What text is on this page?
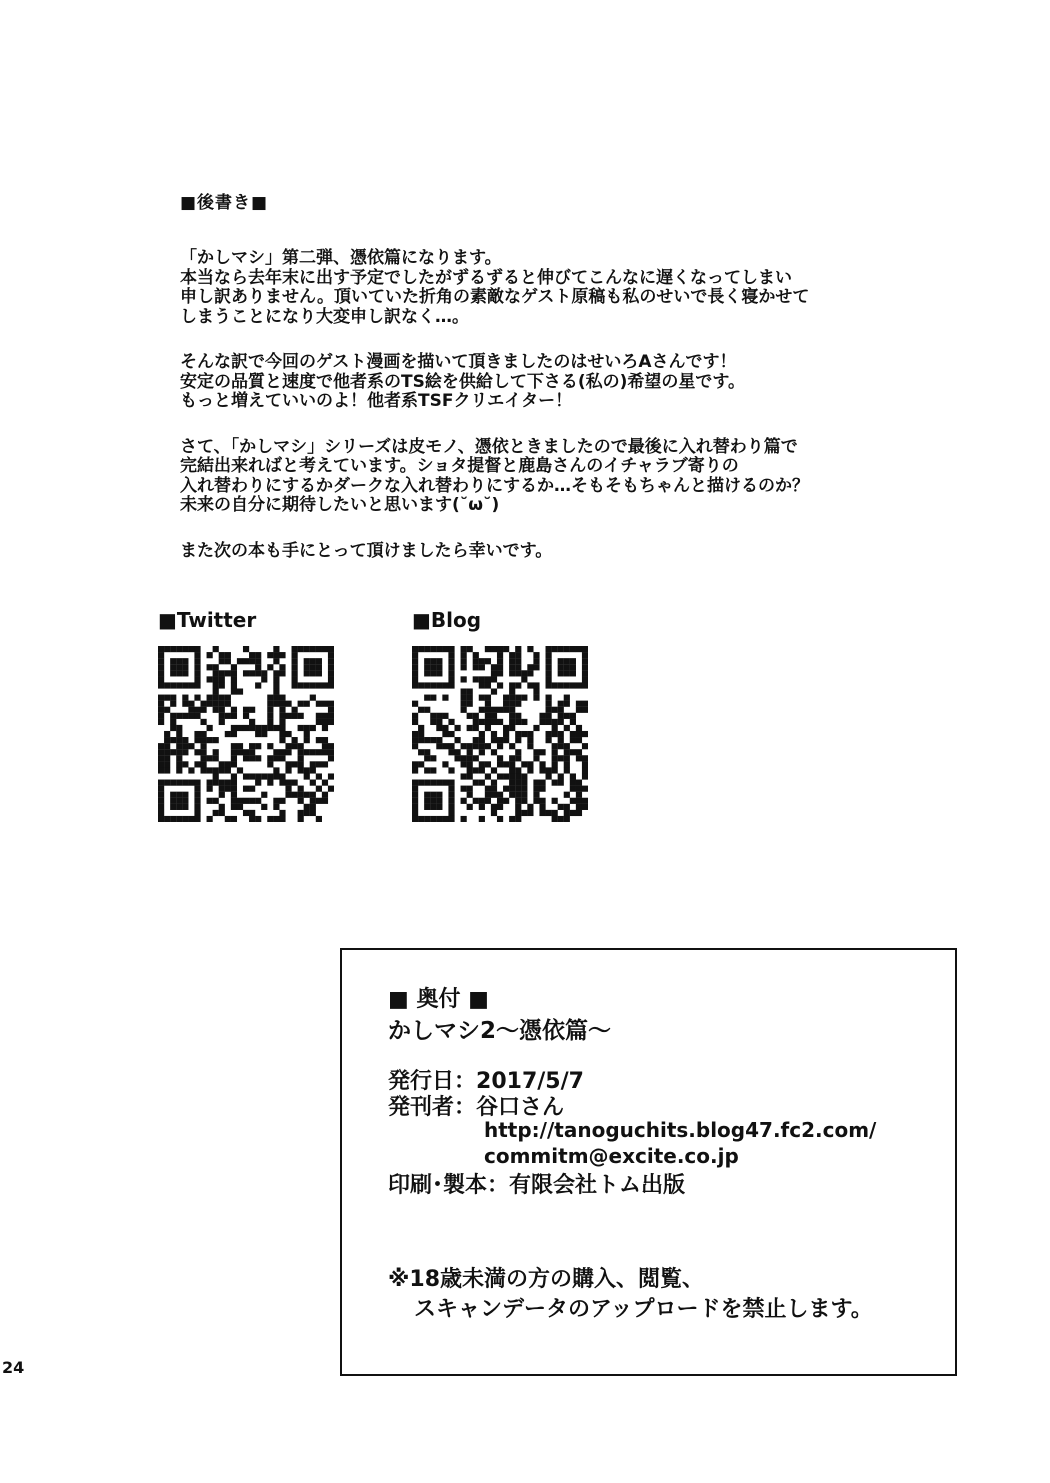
■後書き■
「かしマシ」第二弾、憑依篇になります。
本当なら去年末に出す予定でしたがずるずると伸びてこんなに遅くなってしまい
申し訳ありません。頂いていた折角の素敵なゲスト原稿も私のせいで長く寝かせて
しまうことになり大変申し訳なく…。
そんな訳で今回のゲスト漫画を描いて頂きましたのはせいろAさんです！
安定の品質と速度で他者系のTS絵を供給して下さる(私の)希望の星です。
もっと増えていいのよ！他者系TSFクリエイター！
さて、「かしマシ」シリーズは皮モノ、憑依ときましたので最後に入れ替わり篇で
完結出来ればと考えています。ショタ提督と鹿島さんのイチャラブ寄りの
入れ替わりにするかダークな入れ替わりにするか…そもそもちゃんと描けるのか？
未来の自分に期待したいと思います(˘ω˘)
また次の本も手にとって頂けましたら幸いです。
■Twitter	■Blog
■ 奥付 ■
かしマシ2～憑依篇～
発行日：2017/5/7
発刊者：谷口さん
http://tanoguchits.blog47.fc2.com/
commitm@excite.co.jp
印刷･製本：有限会社トム出版
※18歳未満の方の購入、閲覧、
スキャンデータのアップロードを禁止します。
24
